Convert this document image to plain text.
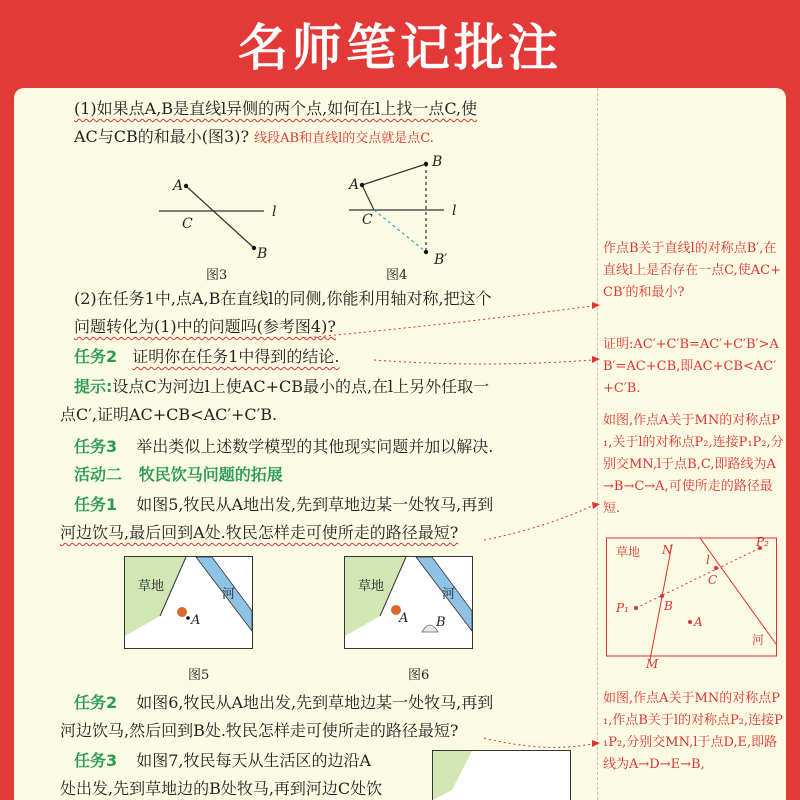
名师笔记批注
(1)如果点A,B是直线l异侧的两个点,如何在l上找一点C,使
AC与CB的和最小(图3)? 线段AB和直线l的交点就是点C.
A
B
C
l
图3
A
B
C
l
B′
图4
(2)在任务1中,点A,B在直线l的同侧,你能利用轴对称,把这个
问题转化为(1)中的问题吗(参考图4)?
任务2 证明你在任务1中得到的结论.
提示:设点C为河边l上使AC+CB最小的点,在l上另外任取一
点C′,证明AC+CB<AC′+C′B.
任务3 举出类似上述数学模型的其他现实问题并加以解决.
活动二   牧民饮马问题的拓展
任务1 如图5,牧民从A地出发,先到草地边某一处牧马,再到
河边饮马,最后回到A处.牧民怎样走可使所走的路径最短?
草地
河
A
图5
草地
河
A B
图6
任务2 如图6,牧民从A地出发,先到草地边某一处牧马,再到
河边饮马,然后回到B处.牧民怎样走可使所走的路径最短?
任务3 如图7,牧民每天从生活区的边沿A
处出发,先到草地边的B处牧马,再到河边C处饮
作点B关于直线l的对称点B′,在直线l上是否存在一点C,使AC+CB′的和最小?
证明:AC′+C′B=AC′+C′B′>AB′=AC+CB,即AC+CB<AC′+C′B.
如图,作点A关于MN的对称点P₁,关于l的对称点P₂,连接P₁P₂,分别交MN,l于点B,C,即路线为A→B→C→A,可使所走的路径最短.
草地
河
N
l
P₂
P₁	B
C
A
M
如图,作点A关于MN的对称点P₁,作点B关于l的对称点P₂,连接P₁P₂,分别交MN,l于点D,E,即路线为A→D→E→B,
